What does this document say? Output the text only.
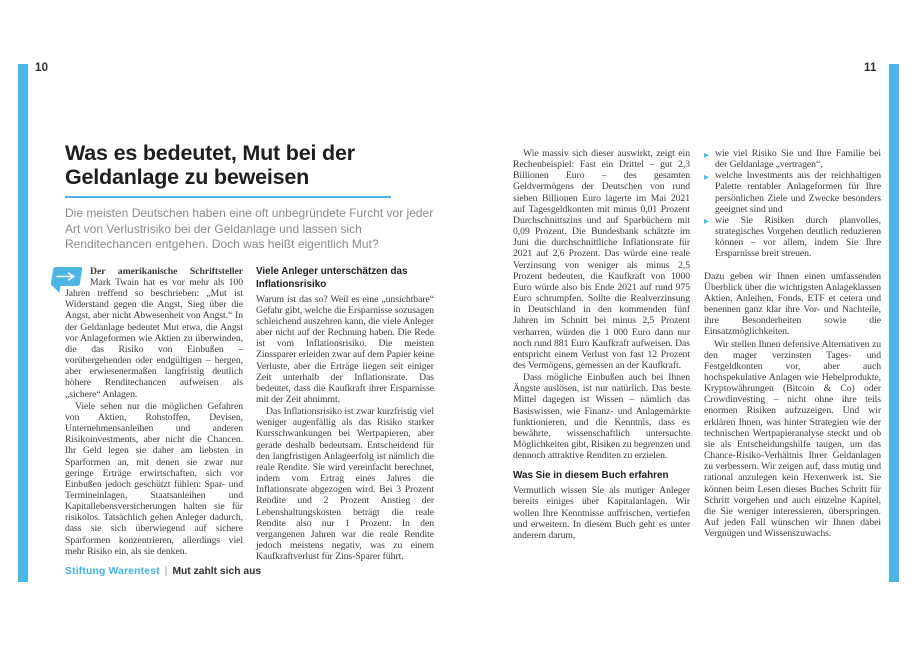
10	11
Was es bedeutet, Mut bei der
Geldanlage zu beweisen
Die meisten Deutschen haben eine oft unbegründete Furcht vor jeder Art von Verlustrisiko bei der Geldanlage und lassen sich Renditechancen entgehen. Doch was heißt eigentlich Mut?

Der amerikanische Schriftsteller Mark Twain hat es vor mehr als 100 Jahren treffend so beschrieben: „Mut ist Widerstand gegen die Angst, Sieg über die Angst, aber nicht Abwesenheit von Angst.“ In der Geldanlage bedeutet Mut etwa, die Angst vor Anlageformen wie Aktien zu überwinden, die das Risiko von Einbußen – vorübergehenden oder endgültigen – bergen, aber erwiesenermaßen langfristig deutlich höhere Renditechancen aufweisen als „sichere“ Anlagen.

Viele sehen nur die möglichen Gefahren von Aktien, Rohstoffen, Devisen, Unternehmensanleihen und anderen Risikoinvestments, aber nicht die Chancen. Ihr Geld legen sie daher am liebsten in Sparformen an, mit denen sie zwar nur geringe Erträge erwirtschaften, sich vor Einbußen jedoch geschützt fühlen: Spar- und Termineinlagen, Staatsanleihen und Kapitallebensversicherungen halten sie für risikolos. Tatsächlich gehen Anleger dadurch, dass sie sich überwiegend auf sichere Sparformen konzentrieren, allerdings viel mehr Risiko ein, als sie denken.

Viele Anleger unterschätzen das Inflationsrisiko

Warum ist das so? Weil es eine „unsichtbare“ Gefahr gibt, welche die Ersparnisse sozusagen schleichend auszehren kann, die viele Anleger aber nicht auf der Rechnung haben. Die Rede ist vom Inflationsrisiko. Die meisten Zinssparer erleiden zwar auf dem Papier keine Verluste, aber die Erträge liegen seit einiger Zeit unterhalb der Inflationsrate. Das bedeutet, dass die Kaufkraft ihrer Ersparnisse mit der Zeit abnimmt.

Das Inflationsrisiko ist zwar kurzfristig viel weniger augenfällig als das Risiko starker Kursschwankungen bei Wertpapieren, aber gerade deshalb bedeutsam. Entscheidend für den langfristigen Anlageerfolg ist nämlich die reale Rendite. Sie wird vereinfacht berechnet, indem vom Ertrag eines Jahres die Inflationsrate abgezogen wird. Bei 3 Prozent Rendite und 2 Prozent Anstieg der Lebenshaltungskosten beträgt die reale Rendite also nur 1 Prozent. In den vergangenen Jahren war die reale Rendite jedoch meistens negativ, was zu einem Kaufkraftverlust für Zins-Sparer führt.

Stiftung Warentest | Mut zahlt sich aus

Wie massiv sich dieser auswirkt, zeigt ein Rechenbeispiel: Fast ein Drittel – gut 2,3 Billionen Euro – des gesamten Geldvermögens der Deutschen von rund sieben Billionen Euro lagerte im Mai 2021 auf Tagesgeldkonten mit minus 0,01 Prozent Durchschnittszins und auf Sparbüchern mit 0,09 Prozent. Die Bundesbank schätzte im Juni die durchschnittliche Inflationsrate für 2021 auf 2,6 Prozent. Das würde eine reale Verzinsung von weniger als minus 2,5 Prozent bedeuten, die Kaufkraft von 1000 Euro würde also bis Ende 2021 auf rund 975 Euro schrumpfen. Sollte die Realverzinsung in Deutschland in den kommenden fünf Jahren im Schnitt bei minus 2,5 Prozent verharren, würden die 1 000 Euro dann nur noch rund 881 Euro Kaufkraft aufweisen. Das entspricht einem Verlust von fast 12 Prozent des Vermögens, gemessen an der Kaufkraft.

Dass mögliche Einbußen auch bei Ihnen Ängste auslösen, ist nur natürlich. Das beste Mittel dagegen ist Wissen – nämlich das Basiswissen, wie Finanz- und Anlagemärkte funktionieren, und die Kenntnis, dass es bewährte, wissenschaftlich untersuchte Möglichkeiten gibt, Risiken zu begrenzen und dennoch attraktive Renditen zu erzielen.

Was Sie in diesem Buch erfahren

Vermutlich wissen Sie als mutiger Anleger bereits einiges über Kapitalanlagen. Wir wollen Ihre Kenntnisse auffrischen, vertiefen und erweitern. In diesem Buch geht es unter anderem darum,

▶ wie viel Risiko Sie und Ihre Familie bei der Geldanlage „vertragen“,
▶ welche Investments aus der reichhaltigen Palette rentabler Anlageformen für Ihre persönlichen Ziele und Zwecke besonders geeignet sind und
▶ wie Sie Risiken durch planvolles, strategisches Vorgehen deutlich reduzieren können – vor allem, indem Sie Ihre Ersparnisse breit streuen.

Dazu geben wir Ihnen einen umfassenden Überblick über die wichtigsten Anlageklassen Aktien, Anleihen, Fonds, ETF et cetera und benennen ganz klar ihre Vor- und Nachteile, ihre Besonderheiten sowie die Einsatzmöglichkeiten.

Wir stellen Ihnen defensive Alternativen zu den mager verzinsten Tages- und Festgeldkonten vor, aber auch hochspekulative Anlagen wie Hebelprodukte, Kryptowährungen (Bitcoin & Co) oder Crowdinvesting – nicht ohne ihre teils enormen Risiken aufzuzeigen. Und wir erklären Ihnen, was hinter Strategien wie der technischen Wertpapieranalyse steckt und ob sie als Entscheidungshilfe taugen, um das Chance-Risiko-Verhältnis Ihrer Geldanlagen zu verbessern. Wir zeigen auf, dass mutig und rational anzulegen kein Hexenwerk ist. Sie können beim Lesen dieses Buches Schritt für Schritt vorgehen und auch einzelne Kapitel, die Sie weniger interessieren, überspringen. Auf jeden Fall wünschen wir Ihnen dabei Vergnügen und Wissenszuwachs.
